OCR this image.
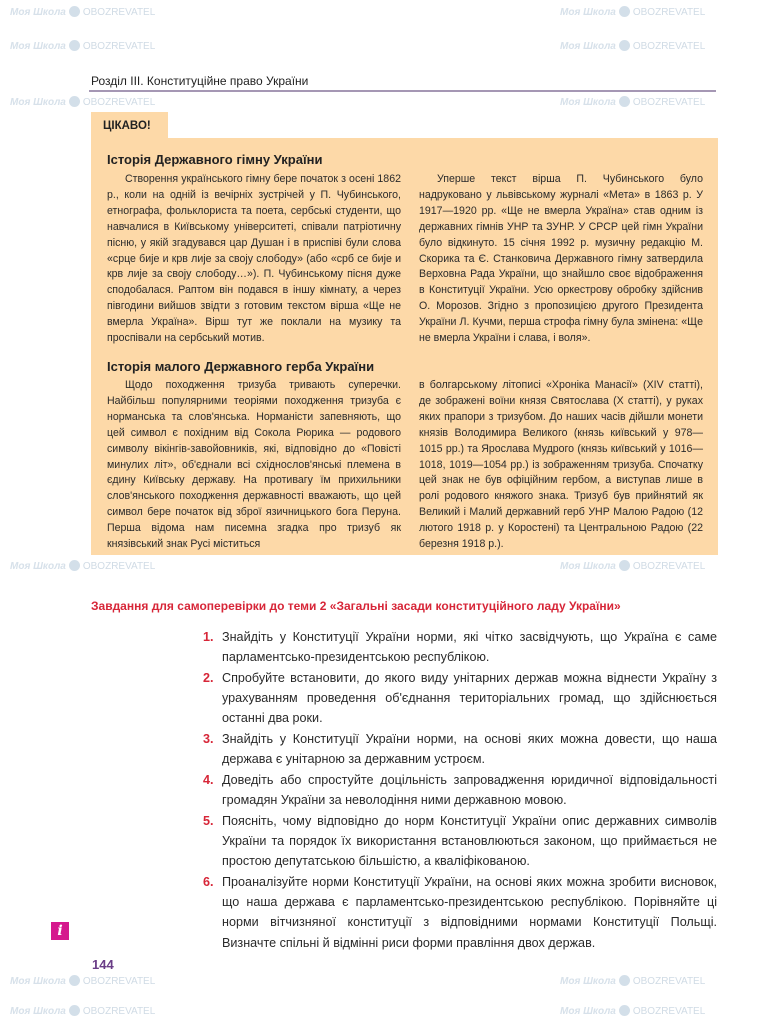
Моя Школа OBOZREVATEL	Моя Школа OBOZREVATEL
Моя Школа OBOZREVATEL	Моя Школа OBOZREVATEL
Моя Школа OBOZREVATEL	Моя Школа OBOZREVATEL
Моя Школа OBOZREVATEL	Моя Школа OBOZREVATEL
Моя Школа OBOZREVATEL	Моя Школа OBOZREVATEL
Моя Школа OBOZREVATEL	Моя Школа OBOZREVATEL
Розділ III. Конституційне право України
ЦІКАВО!
Історія Державного гімну України

Створення українського гімну бере початок з осені 1862 р., коли на одній із вечірніх зустрічей у П. Чубинського, етнографа, фольклориста та поета, сербські студенти, що навчалися в Київському університеті, співали патріотичну пісню, у якій згадувався цар Душан і в приспіві були слова «срце бије и крв лије за своју слободу» (або «срб се бије и крв лије за своју слободу…»). П. Чубинському пісня дуже сподобалася. Раптом він подався в іншу кімнату, а через півгодини вийшов звідти з готовим текстом вірша «Ще не вмерла Україна». Вірш тут же поклали на музику та проспівали на сербський мотив.

Уперше текст вірша П. Чубинського було надруковано у львівському журналі «Мета» в 1863 р. У 1917—1920 рр. «Ще не вмерла Україна» став одним із державних гімнів УНР та ЗУНР. У СРСР цей гімн України було відкинуто. 15 січня 1992 р. музичну редакцію М. Скорика та Є. Станковича Державного гімну затвердила Верховна Рада України, що знайшло своє відображення в Конституції України. Усю оркестрову обробку здійснив О. Морозов. Згідно з пропозицією другого Президента України Л. Кучми, перша строфа гімну була змінена: «Ще не вмерла України і слава, і воля».

Історія малого Державного герба України

Щодо походження тризуба тривають суперечки. Найбільш популярними теоріями походження тризуба є норманська та слов'янська. Норманісти запевняють, що цей символ є похідним від Сокола Рюрика — родового символу вікінгів-завойовників, які, відповідно до «Повісті минулих літ», об'єднали всі східнослов'янські племена в єдину Київську державу. На противагу їм прихильники слов'янського походження державності вважають, що цей символ бере початок від зброї язичницького бога Перуна. Перша відома нам писемна згадка про тризуб як князівський знак Русі міститься

в болгарському літописі «Хроніка Манасії» (XIV статті), де зображені воїни князя Святослава (X статті), у руках яких прапори з тризубом. До наших часів дійшли монети князів Володимира Великого (князь київський у 978—1015 рр.) та Ярослава Мудрого (князь київський у 1016—1018, 1019—1054 рр.) із зображенням тризуба. Спочатку цей знак не був офіційним гербом, а виступав лише в ролі родового княжого знака. Тризуб був прийнятий як Великий і Малий державний герб УНР Малою Радою (12 лютого 1918 р. у Коростені) та Центральною Радою (22 березня 1918 р.).

Завдання для самоперевірки до теми 2 «Загальні засади конституційного ладу України»
1. Знайдіть у Конституції України норми, які чітко засвідчують, що Україна є саме парламентсько-президентською республікою.
2. Спробуйте встановити, до якого виду унітарних держав можна віднести Україну з урахуванням проведення об'єднання територіальних громад, що здійснюється останні два роки.
3. Знайдіть у Конституції України норми, на основі яких можна довести, що наша держава є унітарною за державним устроєм.
4. Доведіть або спростуйте доцільність запровадження юридичної відповідальності громадян України за неволодіння ними державною мовою.
5. Поясніть, чому відповідно до норм Конституції України опис державних символів України та порядок їх використання встановлюються законом, що приймається не простою депутатською більшістю, а кваліфікованою.
6. Проаналізуйте норми Конституції України, на основі яких можна зробити висновок, що наша держава є парламентсько-президентською республікою. Порівняйте ці норми вітчизняної конституції з відповідними нормами Конституції Польщі. Визначте спільні й відмінні риси форми правління двох держав.
i
144
